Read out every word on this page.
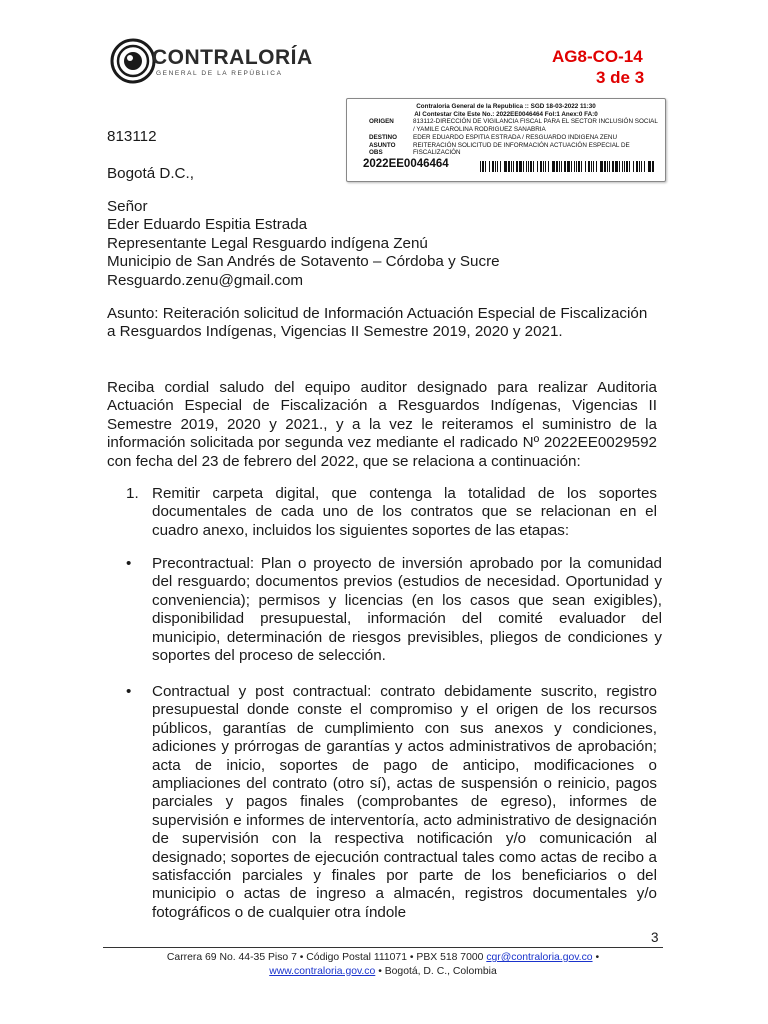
CONTRALORÍA
GENERAL DE LA REPÚBLICA
AG8-CO-14
3 de 3
Contraloria General de la Republica :: SGD 18-03-2022 11:30
Al Contestar Cite Este No.: 2022EE0046464 Fol:1 Anex:0 FA:0
ORIGEN	813112-DIRECCIÓN DE VIGILANCIA FISCAL PARA EL SECTOR INCLUSIÓN SOCIAL / YAMILE CAROLINA RODRIGUEZ SANABRIA
DESTINO	EDER EDUARDO ESPITIA ESTRADA / RESGUARDO INDIGENA ZENU
ASUNTO	REITERACIÓN SOLICITUD DE INFORMACIÓN ACTUACIÓN ESPECIAL DE FISCALIZACIÓN
OBS
2022EE0046464
813112
Bogotá D.C.,
Señor
Eder Eduardo Espitia Estrada
Representante Legal Resguardo indígena Zenú
Municipio de San Andrés de Sotavento – Córdoba y Sucre
Resguardo.zenu@gmail.com
Asunto: Reiteración solicitud de Información Actuación Especial de Fiscalización a Resguardos Indígenas, Vigencias II Semestre 2019, 2020 y 2021.
Reciba cordial saludo del equipo auditor designado para realizar Auditoria Actuación Especial de Fiscalización a Resguardos Indígenas, Vigencias II Semestre 2019, 2020 y 2021., y a la vez le reiteramos el suministro de la información solicitada por segunda vez mediante el radicado Nº 2022EE0029592 con fecha del 23 de febrero del 2022, que se relaciona a continuación:
1. Remitir carpeta digital, que contenga la totalidad de los soportes documentales de cada uno de los contratos que se relacionan en el cuadro anexo, incluidos los siguientes soportes de las etapas:
• Precontractual: Plan o proyecto de inversión aprobado por la comunidad del resguardo; documentos previos (estudios de necesidad. Oportunidad y conveniencia); permisos y licencias (en los casos que sean exigibles), disponibilidad presupuestal, información del comité evaluador del municipio, determinación de riesgos previsibles, pliegos de condiciones y soportes del proceso de selección.
• Contractual y post contractual: contrato debidamente suscrito, registro presupuestal donde conste el compromiso y el origen de los recursos públicos, garantías de cumplimiento con sus anexos y condiciones, adiciones y prórrogas de garantías y actos administrativos de aprobación; acta de inicio, soportes de pago de anticipo, modificaciones o ampliaciones del contrato (otro sí), actas de suspensión o reinicio, pagos parciales y pagos finales (comprobantes de egreso), informes de supervisión e informes de interventoría, acto administrativo de designación de supervisión con la respectiva notificación y/o comunicación al designado; soportes de ejecución contractual tales como actas de recibo a satisfacción parciales y finales por parte de los beneficiarios o del municipio o actas de ingreso a almacén, registros documentales y/o fotográficos o de cualquier otra índole
3
Carrera 69 No. 44-35 Piso 7 • Código Postal 111071 • PBX 518 7000 cgr@contraloria.gov.co •
www.contraloria.gov.co • Bogotá, D. C., Colombia
